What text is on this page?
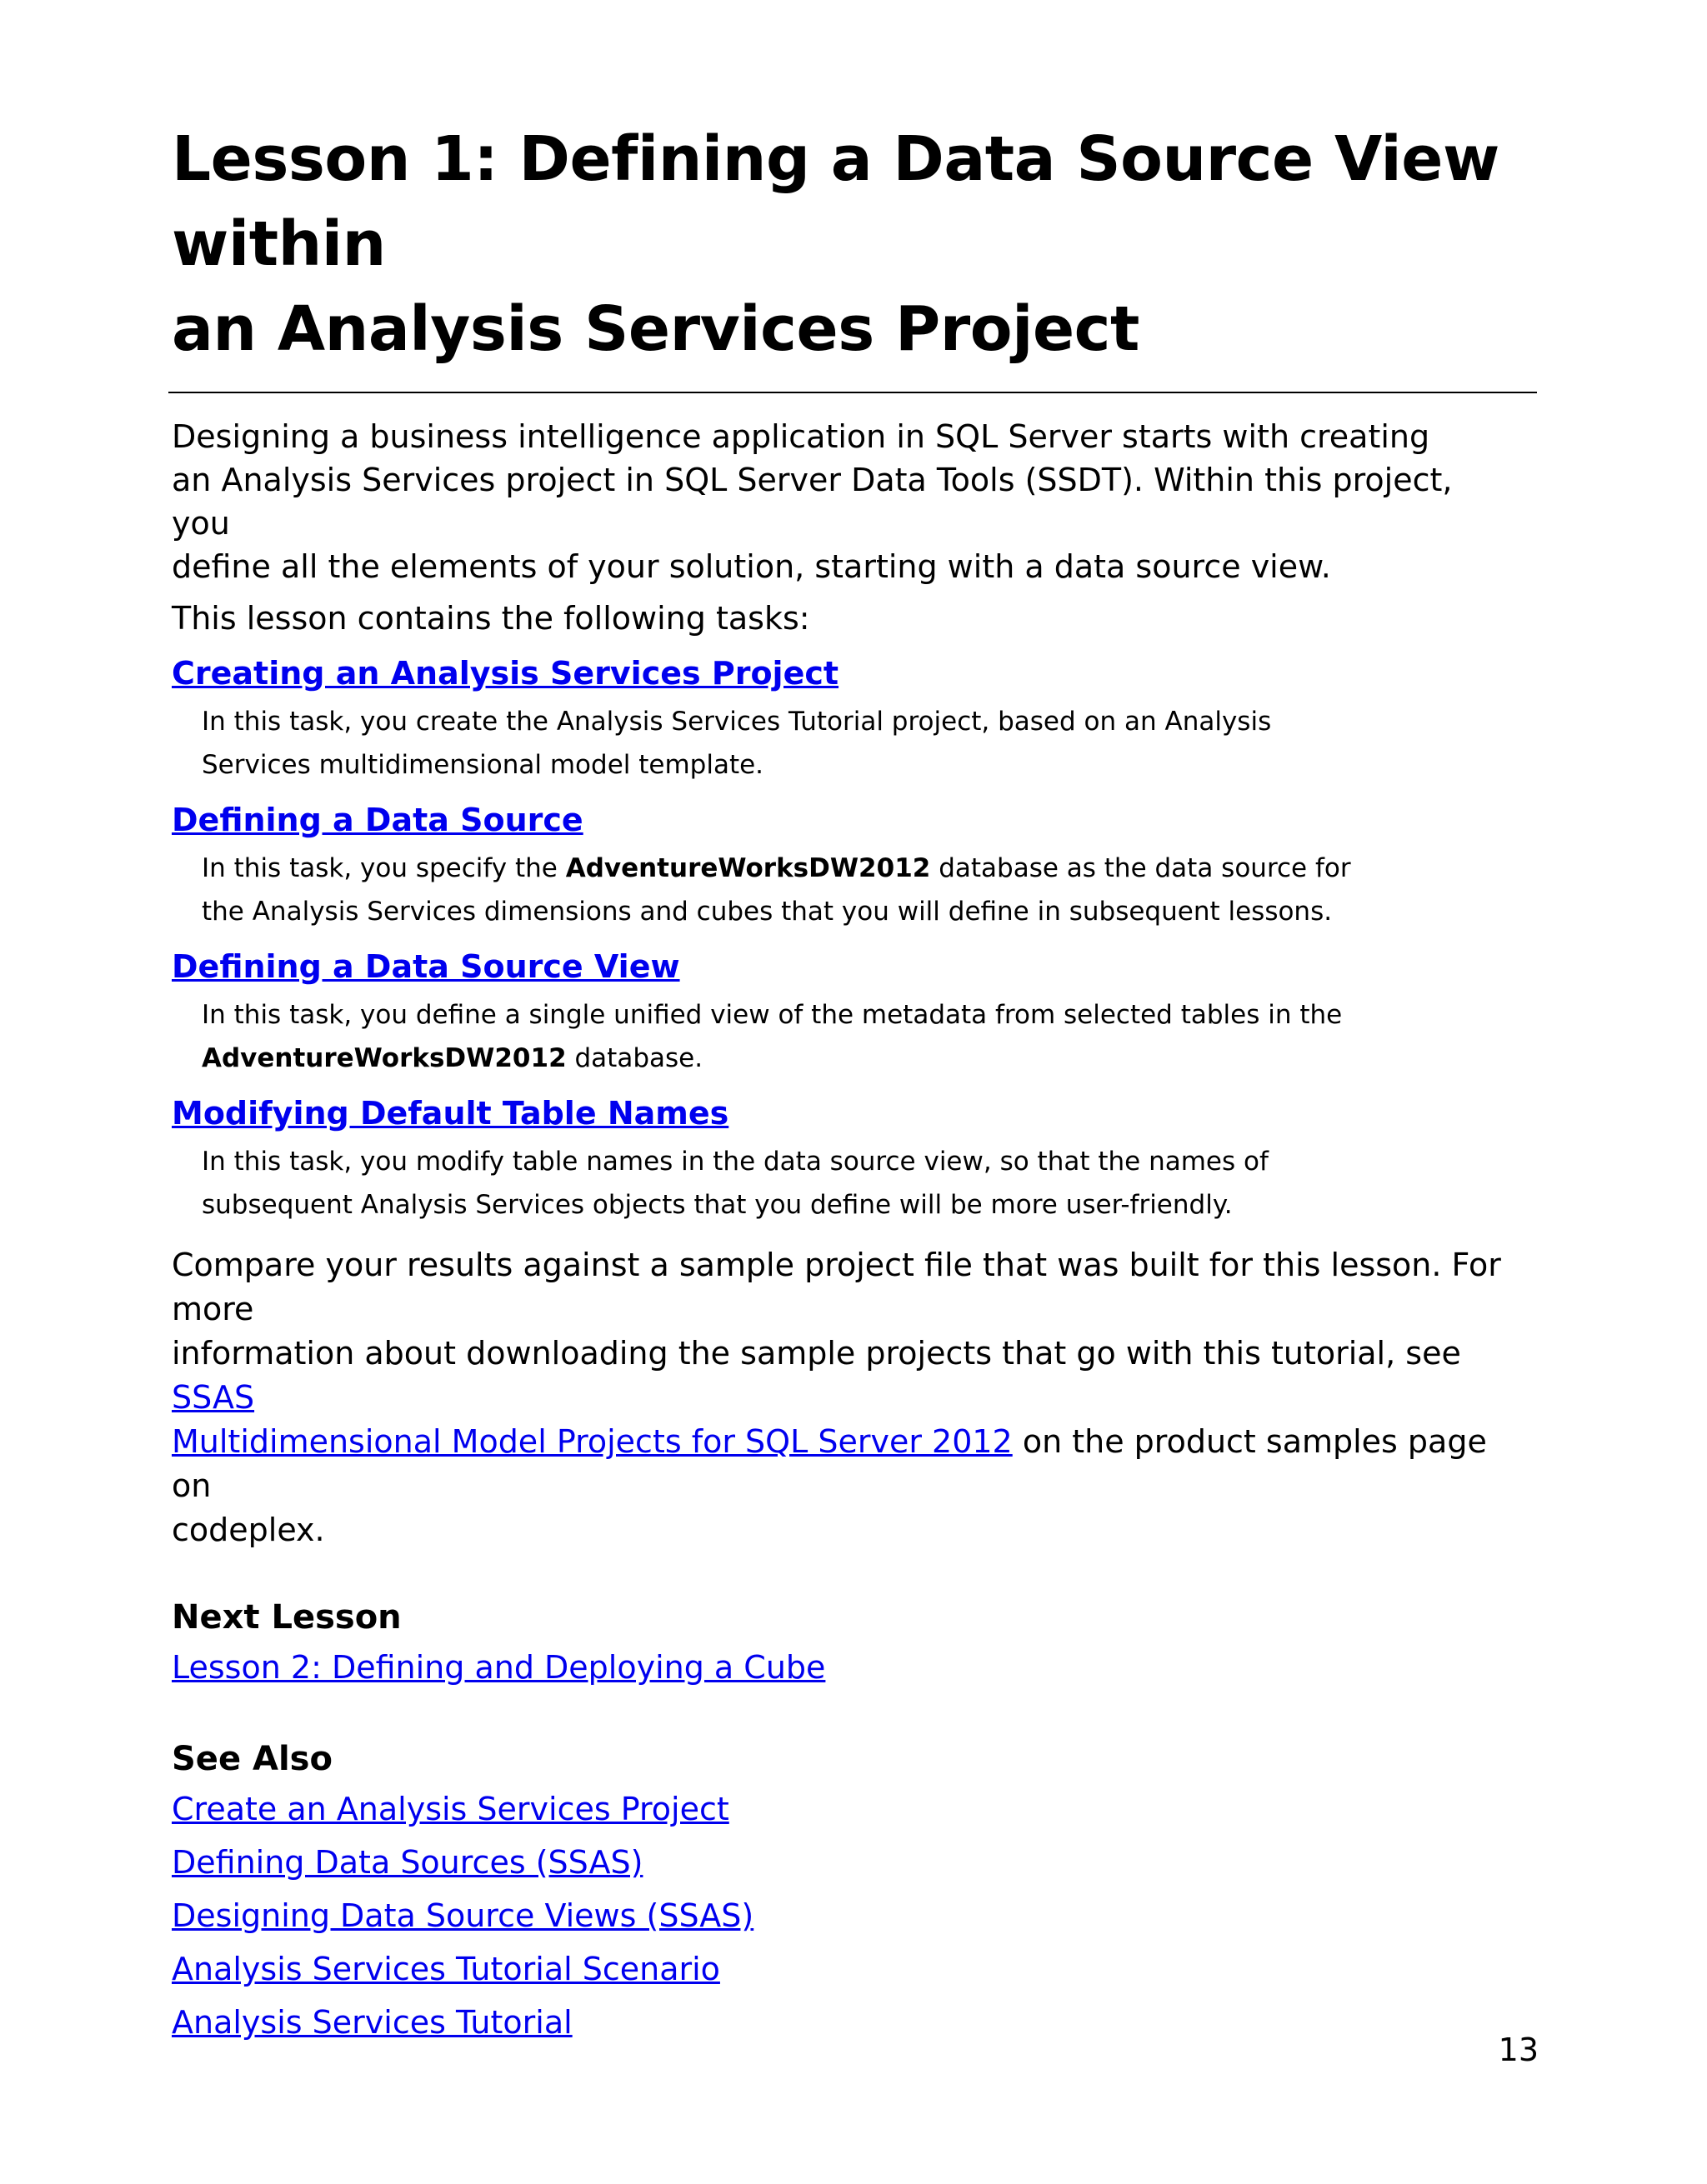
Lesson 1: Defining a Data Source View within
an Analysis Services Project

Designing a business intelligence application in SQL Server starts with creating
an Analysis Services project in SQL Server Data Tools (SSDT). Within this project, you
define all the elements of your solution, starting with a data source view.

This lesson contains the following tasks:

Creating an Analysis Services Project

In this task, you create the Analysis Services Tutorial project, based on an Analysis
Services multidimensional model template.

Defining a Data Source

In this task, you specify the AdventureWorksDW2012 database as the data source for
the Analysis Services dimensions and cubes that you will define in subsequent lessons.

Defining a Data Source View

In this task, you define a single unified view of the metadata from selected tables in the
AdventureWorksDW2012 database.

Modifying Default Table Names

In this task, you modify table names in the data source view, so that the names of
subsequent Analysis Services objects that you define will be more user-friendly.

Compare your results against a sample project file that was built for this lesson. For more
information about downloading the sample projects that go with this tutorial, see SSAS
Multidimensional Model Projects for SQL Server 2012 on the product samples page on
codeplex.

Next Lesson
Lesson 2: Defining and Deploying a Cube
See Also
Create an Analysis Services Project
Defining Data Sources (SSAS)
Designing Data Source Views (SSAS)
Analysis Services Tutorial Scenario
Analysis Services Tutorial
13
